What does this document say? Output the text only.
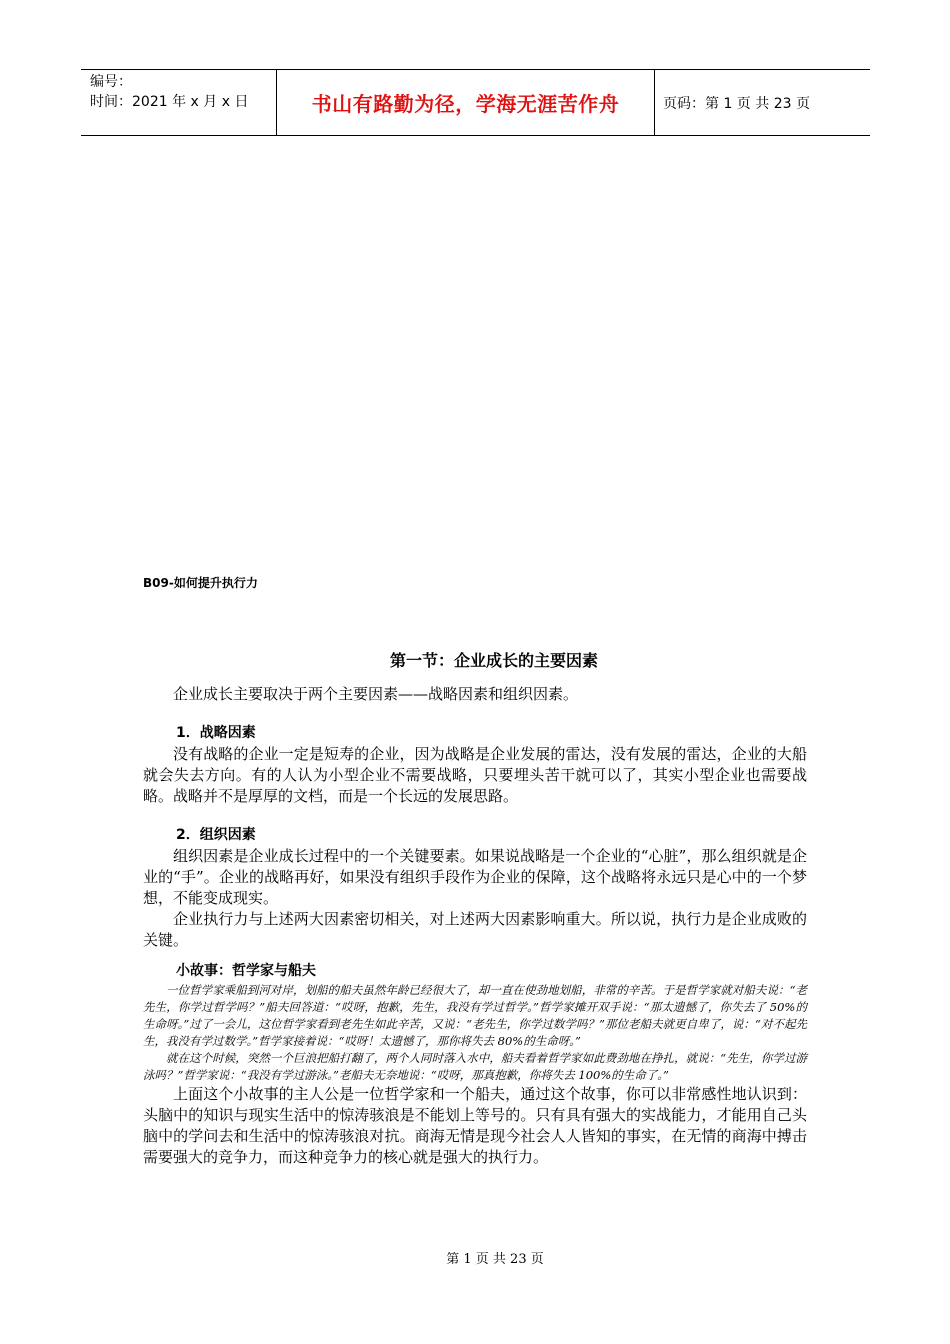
编号：
时间：2021 年 x 月 x 日	书山有路勤为径，学海无涯苦作舟	页码：第 1 页 共 23 页
B09-如何提升执行力
第一节：企业成长的主要因素

企业成长主要取决于两个主要因素——战略因素和组织因素。

1．战略因素

没有战略的企业一定是短寿的企业，因为战略是企业发展的雷达，没有发展的雷达，企业的大船就会失去方向。有的人认为小型企业不需要战略，只要埋头苦干就可以了，其实小型企业也需要战略。战略并不是厚厚的文档，而是一个长远的发展思路。

2．组织因素

组织因素是企业成长过程中的一个关键要素。如果说战略是一个企业的“心脏”，那么组织就是企业的“手”。企业的战略再好，如果没有组织手段作为企业的保障，这个战略将永远只是心中的一个梦想，不能变成现实。

企业执行力与上述两大因素密切相关，对上述两大因素影响重大。所以说，执行力是企业成败的关键。

小故事：哲学家与船夫

一位哲学家乘船到河对岸，划船的船夫虽然年龄已经很大了，却一直在使劲地划船，非常的辛苦。于是哲学家就对船夫说：“老先生，你学过哲学吗？”船夫回答道：“哎呀，抱歉，先生，我没有学过哲学。”哲学家摊开双手说：“那太遗憾了，你失去了 50%的生命呀。”过了一会儿，这位哲学家看到老先生如此辛苦，又说：“老先生，你学过数学吗？”那位老船夫就更自卑了，说：“对不起先生，我没有学过数学。”哲学家接着说：“哎呀！太遗憾了，那你将失去 80%的生命呀。”

就在这个时候，突然一个巨浪把船打翻了，两个人同时落入水中，船夫看着哲学家如此费劲地在挣扎，就说：“先生，你学过游泳吗？”哲学家说：“我没有学过游泳。”老船夫无奈地说：“哎呀，那真抱歉，你将失去 100%的生命了。”

上面这个小故事的主人公是一位哲学家和一个船夫，通过这个故事，你可以非常感性地认识到：头脑中的知识与现实生活中的惊涛骇浪是不能划上等号的。只有具有强大的实战能力，才能用自己头脑中的学问去和生活中的惊涛骇浪对抗。商海无情是现今社会人人皆知的事实，在无情的商海中搏击需要强大的竞争力，而这种竞争力的核心就是强大的执行力。

第 1 页 共 23 页
